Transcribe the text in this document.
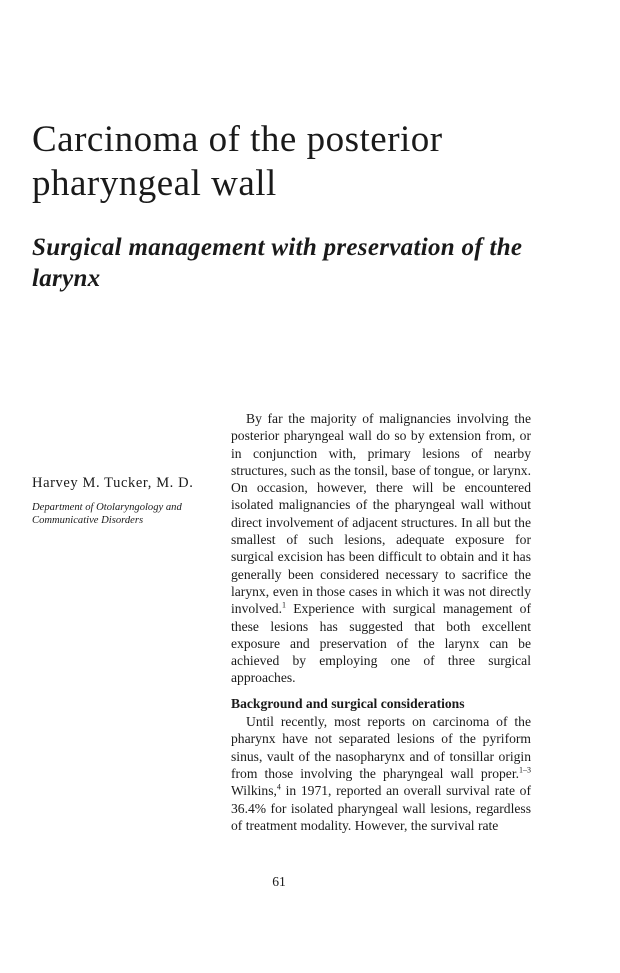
Carcinoma of the posterior pharyngeal wall
Surgical management with preservation of the larynx

Harvey M. Tucker, M. D.

Department of Otolaryngology and
Communicative Disorders

By far the majority of malignancies involving the posterior pharyngeal wall do so by extension from, or in conjunction with, primary lesions of nearby structures, such as the tonsil, base of tongue, or larynx. On occasion, however, there will be encountered isolated malignancies of the pharyngeal wall without direct involvement of adjacent structures. In all but the smallest of such lesions, adequate exposure for surgical excision has been difficult to obtain and it has generally been considered necessary to sacrifice the larynx, even in those cases in which it was not directly involved.$^1$ Experience with surgical management of these lesions has suggested that both excellent exposure and preservation of the larynx can be achieved by employing one of three surgical approaches.

Background and surgical considerations

Until recently, most reports on carcinoma of the pharynx have not separated lesions of the pyriform sinus, vault of the nasopharynx and of tonsillar origin from those involving the pharyngeal wall proper.$^{1-3}$ Wilkins,$^4$ in 1971, reported an overall survival rate of 36.4% for isolated pharyngeal wall lesions, regardless of treatment modality. However, the survival rate

61
